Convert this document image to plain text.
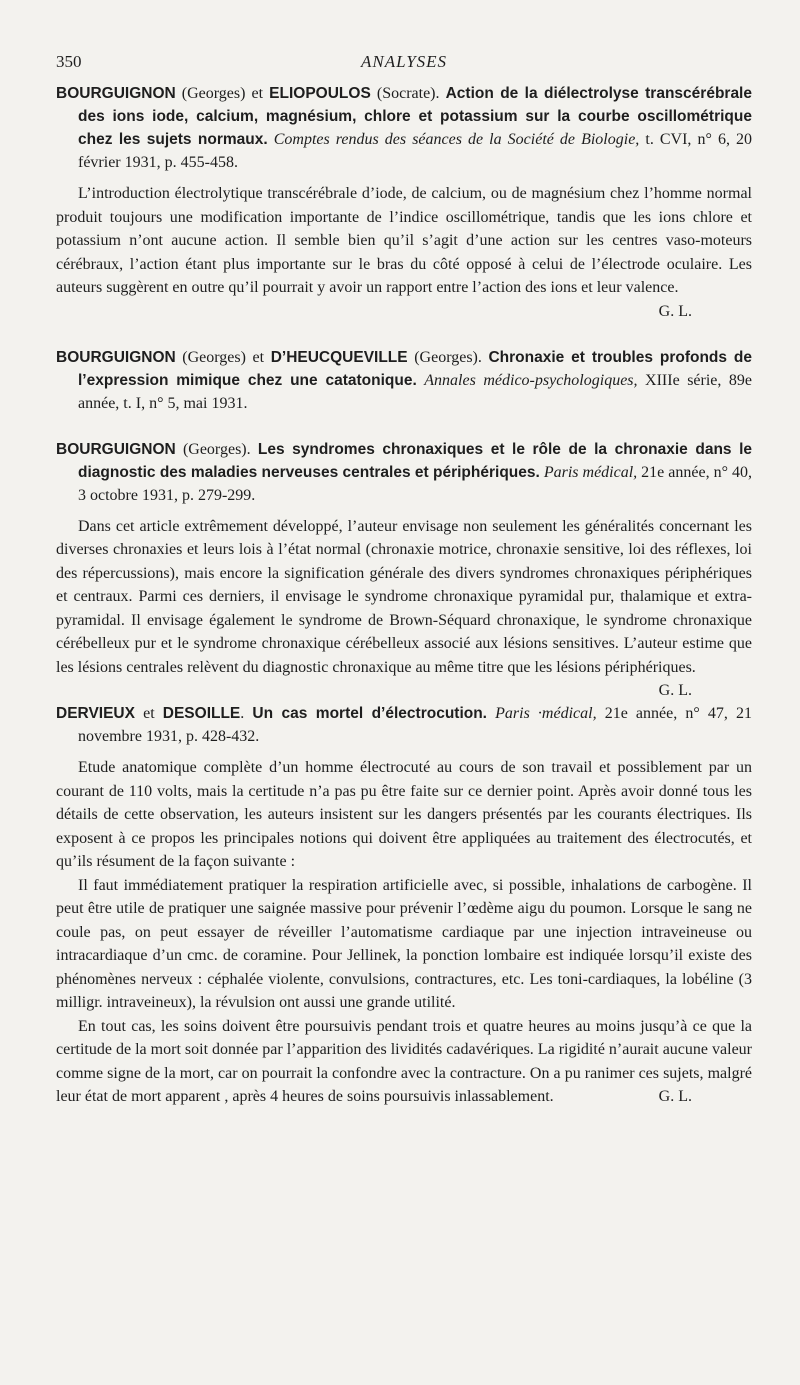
350	ANALYSES

BOURGUIGNON (Georges) et ELIOPOULOS (Socrate). Action de la diélectrolyse transcérébrale des ions iode, calcium, magnésium, chlore et potassium sur la courbe oscillométrique chez les sujets normaux. Comptes rendus des séances de la Société de Biologie, t. CVI, n° 6, 20 février 1931, p. 455-458.

L’introduction électrolytique transcérébrale d’iode, de calcium, ou de magnésium chez l’homme normal produit toujours une modification importante de l’indice oscillométrique, tandis que les ions chlore et potassium n’ont aucune action. Il semble bien qu’il s’agit d’une action sur les centres vaso-moteurs cérébraux, l’action étant plus importante sur le bras du côté opposé à celui de l’électrode oculaire. Les auteurs suggèrent en outre qu’il pourrait y avoir un rapport entre l’action des ions et leur valence.

G. L.

BOURGUIGNON (Georges) et D’HEUCQUEVILLE (Georges). Chronaxie et troubles profonds de l’expression mimique chez une catatonique. Annales médico-psychologiques, XIIIe série, 89e année, t. I, n° 5, mai 1931.

BOURGUIGNON (Georges). Les syndromes chronaxiques et le rôle de la chronaxie dans le diagnostic des maladies nerveuses centrales et périphériques. Paris médical, 21e année, n° 40, 3 octobre 1931, p. 279-299.

Dans cet article extrêmement développé, l’auteur envisage non seulement les généralités concernant les diverses chronaxies et leurs lois à l’état normal (chronaxie motrice, chronaxie sensitive, loi des réflexes, loi des répercussions), mais encore la signification générale des divers syndromes chronaxiques périphériques et centraux. Parmi ces derniers, il envisage le syndrome chronaxique pyramidal pur, thalamique et extra-pyramidal. Il envisage également le syndrome de Brown-Séquard chronaxique, le syndrome chronaxique cérébelleux pur et le syndrome chronaxique cérébelleux associé aux lésions sensitives. L’auteur estime que les lésions centrales relèvent du diagnostic chronaxique au même titre que les lésions périphériques.
G. L.

DERVIEUX et DESOILLE. Un cas mortel d’électrocution. Paris ·médical, 21e année, n° 47, 21 novembre 1931, p. 428-432.

Etude anatomique complète d’un homme électrocuté au cours de son travail et possiblement par un courant de 110 volts, mais la certitude n’a pas pu être faite sur ce dernier point. Après avoir donné tous les détails de cette observation, les auteurs insistent sur les dangers présentés par les courants électriques. Ils exposent à ce propos les principales notions qui doivent être appliquées au traitement des électrocutés, et qu’ils résument de la façon suivante :

Il faut immédiatement pratiquer la respiration artificielle avec, si possible, inhalations de carbogène. Il peut être utile de pratiquer une saignée massive pour prévenir l’œdème aigu du poumon. Lorsque le sang ne coule pas, on peut essayer de réveiller l’automatisme cardiaque par une injection intraveineuse ou intracardiaque d’un cmc. de coramine. Pour Jellinek, la ponction lombaire est indiquée lorsqu’il existe des phénomènes nerveux : céphalée violente, convulsions, contractures, etc. Les toni-cardiaques, la lobéline (3 milligr. intraveineux), la révulsion ont aussi une grande utilité.

En tout cas, les soins doivent être poursuivis pendant trois et quatre heures au moins jusqu’à ce que la certitude de la mort soit donnée par l’apparition des lividités cadavériques. La rigidité n’aurait aucune valeur comme signe de la mort, car on pourrait la confondre avec la contracture. On a pu ranimer ces sujets, malgré leur état de mort apparent , après 4 heures de soins poursuivis inlassablement.	G. L.
